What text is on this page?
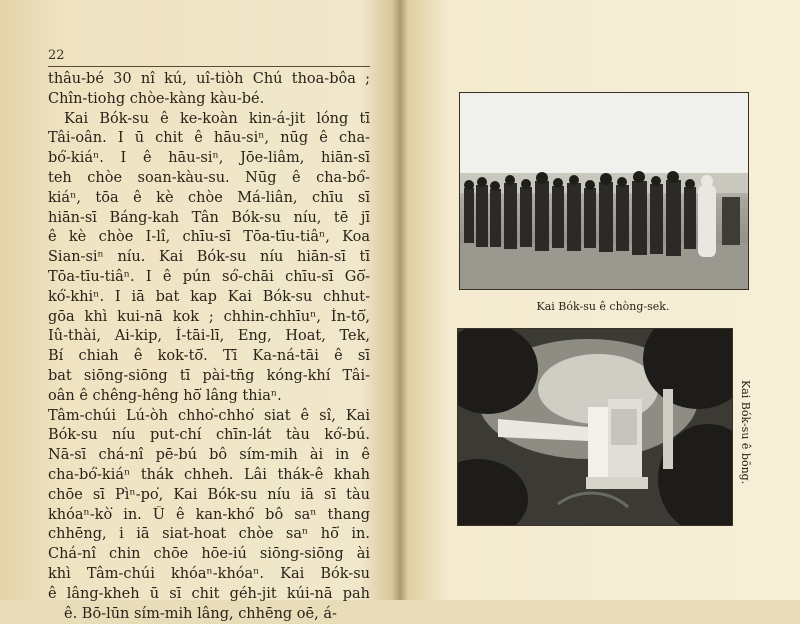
22
thâu-bé 30 nî kú, uî-tiòh Chú thoa-bôa ;
Chîn-tiohg chòe-kàng kàu-bé.
Kai Bók-su ê ke-koàn kin-á-jit lóng tī
Tâi-oân. I ū chit ê hāu-siⁿ, nūg ê cha-
bó͘-kiáⁿ. I ê hāu-siⁿ, Jōe-liâm, hiān-sī
teh chòe soan-kàu-su. Nūg ê cha-bó͘-
kiáⁿ, tōa ê kè chòe Má-liân, chīu sī
hiān-sī Báng-kah Tân Bók-su níu, tē jī
ê kè chòe I-lî, chīu-sī Tōa-tīu-tiâⁿ, Koa
Sian-siⁿ níu. Kai Bók-su níu hiān-sī tī
Tōa-tīu-tiâⁿ. I ê pún só͘-chāi chīu-sī Gō͘-
kó͘-khiⁿ. I iā bat kap Kai Bók-su chhut-
gōa khì kui-nā kok ; chhin-chhīuⁿ, Ìn-tō͘,
Iû-thài, Ai-kip, Í-tāi-lī, Eng, Hoat, Tek,
Bí chiah ê kok-tō͘. Tī Ka-ná-tāi ê sī
bat siōng-siōng tī pài-tn̄g kóng-khí Tâi-
oân ê chêng-hêng hō͘ lâng thiaⁿ.
Tâm-chúi Lú-òh chho͘-chho͘ siat ê sî, Kai
Bók-su níu put-chí chīn-lát tàu kó͘-bú.
Nā-sī chá-nî pē-bú bô sím-mih ài in ê
cha-bó͘-kiáⁿ thák chheh. Lâi thák-ê khah
chōe sī Pìⁿ-po͘, Kai Bók-su níu iā sī tàu
khóaⁿ-kò͘ in. Ū ê kan-khó͘ bô saⁿ thang
chhēng, i iā siat-hoat chòe saⁿ hō͘ in.
Chá-nî chin chōe hōe-iú siōng-siōng ài
khì Tâm-chúi khóaⁿ-khóaⁿ. Kai Bók-su
ê lâng-kheh ū sī chit géh-jit kúi-nā pah
ê. Bō-lūn sím-mih lâng, chhēng oē, á-
Kai Bók-su ê chòng-sek.
Kai Bók-su ê bōng.
